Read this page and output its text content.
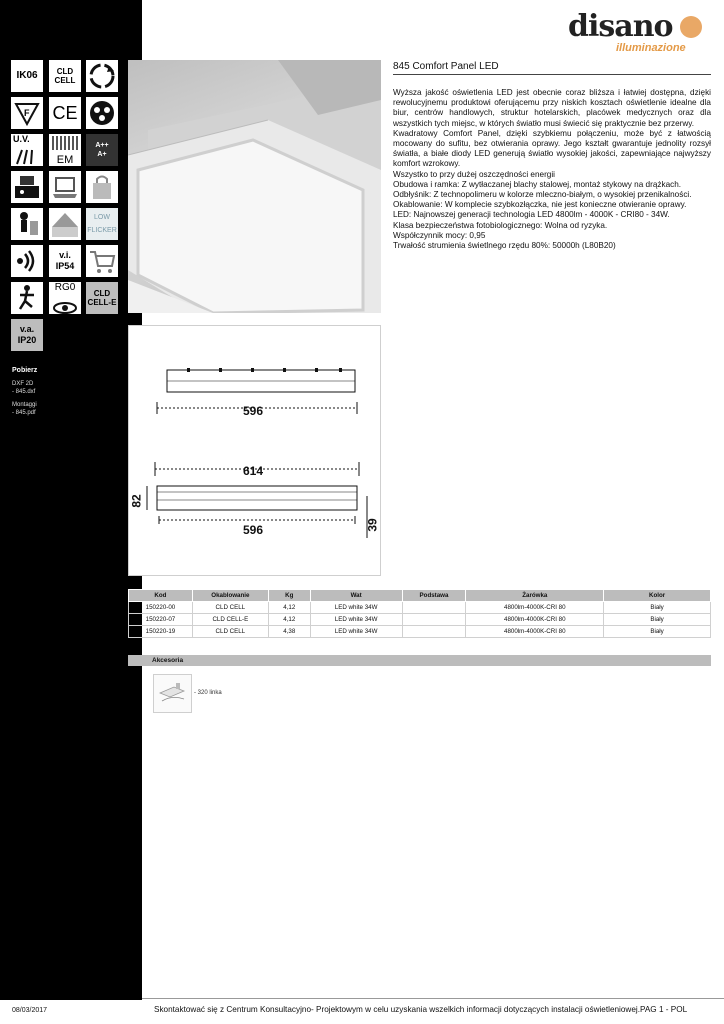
IK06 CLD
CELL
F CE
U.V.
EM
A++
A+
LOW
FLICKER
v.i.
IP54
RG0
CLD
CELL-E
v.a.
IP20
Pobierz
DXF 2D
- 845.dxf
Montaggi
- 845.pdf
disano
illuminazione
845 Comfort Panel LED

Wyższa jakość oświetlenia LED jest obecnie coraz bliższa i łatwiej dostępna, dzięki rewolucyjnemu produktowi oferującemu przy niskich kosztach oświetlenie idealne dla biur, centrów handlowych, struktur hotelarskich, placówek medycznych oraz dla wszystkich tych miejsc, w których światło musi świecić się praktycznie bez przerwy.

Kwadratowy Comfort Panel, dzięki szybkiemu połączeniu, może być z łatwością mocowany do sufitu, bez otwierania oprawy. Jego kształt gwarantuje jednolity rozsył światła, a białe diody LED generują światło wysokiej jakości, zapewniające najwyższy komfort wzrokowy.

Wszystko to przy dużej oszczędności energii

Obudowa i ramka: Z wytłaczanej blachy stalowej, montaż stykowy na drążkach.

Odbłyśnik: Z technopolimeru w kolorze mleczno-białym, o wysokiej przenikalności.

Okablowanie: W komplecie szybkozłączka, nie jest konieczne otwieranie oprawy.

LED: Najnowszej generacji technologia LED 4800lm - 4000K - CRI80 - 34W.

Klasa bezpieczeństwa fotobiologicznego: Wolna od ryzyka.

Współczynnik mocy: 0,95

Trwałość strumienia świetlnego rzędu 80%: 50000h (L80B20)

596
614
82
596	39
Kod	Okablowanie	Kg	Wat	Podstawa	Żarówka	Kolor
150220-00	CLD CELL	4,12	LED white 34W		4800lm-4000K-CRI 80	Biały
150220-07	CLD CELL-E	4,12	LED white 34W		4800lm-4000K-CRI 80	Biały
150220-19	CLD CELL	4,38	LED white 34W		4800lm-4000K-CRI 80	Biały
Akcesoria
- 320 linka
08/03/2017	Skontaktować się z Centrum Konsultacyjno- Projektowym w celu uzyskania wszelkich informacji dotyczących instalacji oświetleniowej.PAG 1 - POL
